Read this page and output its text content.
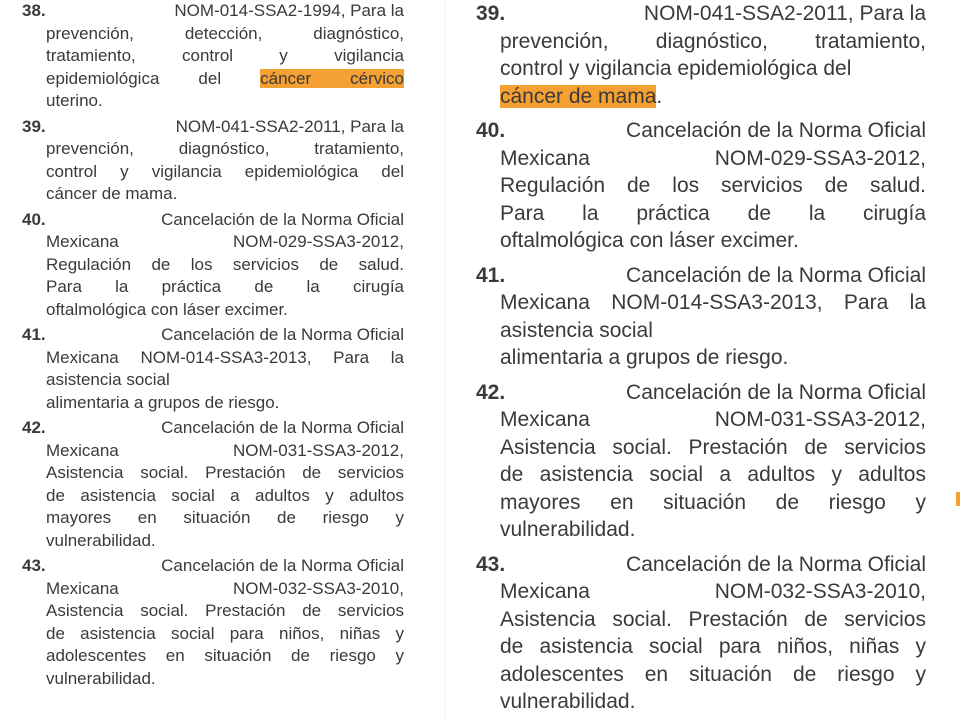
38.	NOM-014-SSA2-1994, Para la
prevención, detección, diagnóstico,
tratamiento, control y vigilancia
epidemiológica del cáncer cérvico
uterino.
39.	NOM-041-SSA2-2011, Para la
prevención, diagnóstico, tratamiento,
control y vigilancia epidemiológica del
cáncer de mama.
40.	Cancelación de la Norma Oficial
Mexicana NOM-029-SSA3-2012,
Regulación de los servicios de salud.
Para la práctica de la cirugía
oftalmológica con láser excimer.
41.	Cancelación de la Norma Oficial
Mexicana NOM-014-SSA3-2013, Para la
asistencia social
alimentaria a grupos de riesgo.
42.	Cancelación de la Norma Oficial
Mexicana NOM-031-SSA3-2012,
Asistencia social. Prestación de servicios
de asistencia social a adultos y adultos
mayores en situación de riesgo y
vulnerabilidad.
43.	Cancelación de la Norma Oficial
Mexicana NOM-032-SSA3-2010,
Asistencia social. Prestación de servicios
de asistencia social para niños, niñas y
adolescentes en situación de riesgo y
vulnerabilidad.
39.	NOM-041-SSA2-2011, Para la
prevención, diagnóstico, tratamiento,
control y vigilancia epidemiológica del
cáncer de mama.
40.	Cancelación de la Norma Oficial
Mexicana NOM-029-SSA3-2012,
Regulación de los servicios de salud.
Para la práctica de la cirugía
oftalmológica con láser excimer.
41.	Cancelación de la Norma Oficial
Mexicana NOM-014-SSA3-2013, Para la
asistencia social
alimentaria a grupos de riesgo.
42.	Cancelación de la Norma Oficial
Mexicana NOM-031-SSA3-2012,
Asistencia social. Prestación de servicios
de asistencia social a adultos y adultos
mayores en situación de riesgo y
vulnerabilidad.
43.	Cancelación de la Norma Oficial
Mexicana NOM-032-SSA3-2010,
Asistencia social. Prestación de servicios
de asistencia social para niños, niñas y
adolescentes en situación de riesgo y
vulnerabilidad.
